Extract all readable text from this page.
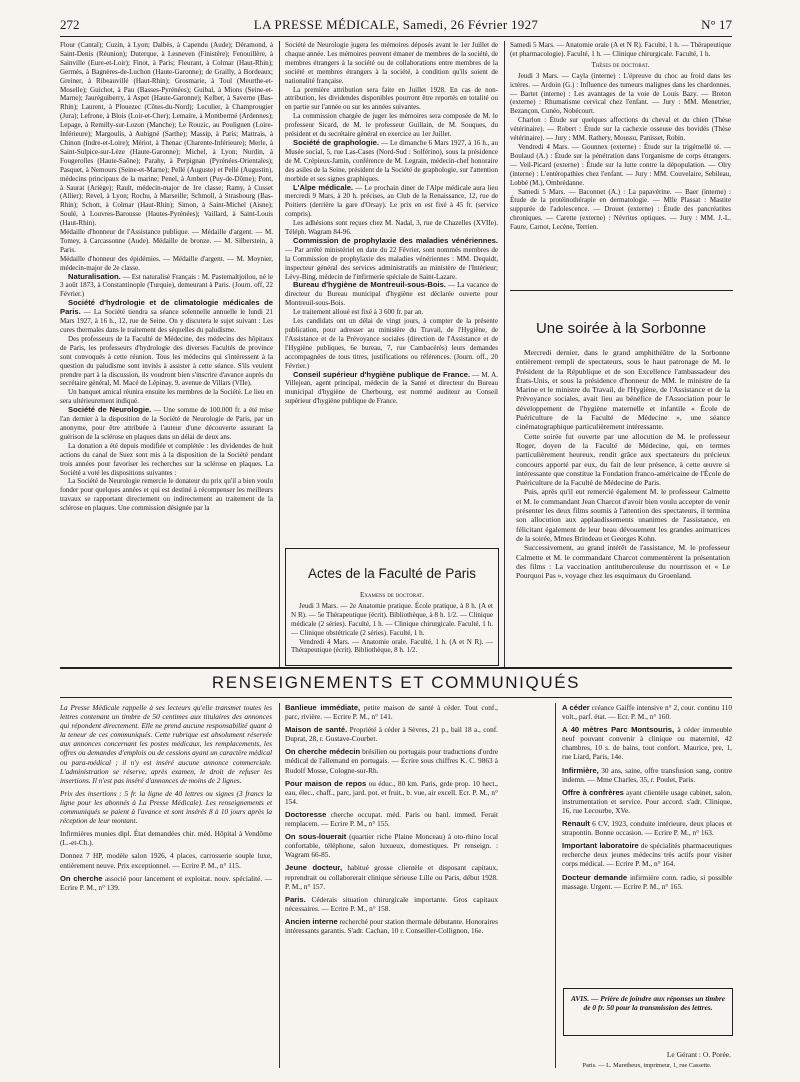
272	LA PRESSE MÉDICALE, Samedi, 26 Février 1927	N° 17

Flour (Cantal); Cuzin, à Lyon; Dalbès, à Capendu (Aude); Déramond, à Saint-Denis (Réunion); Duterque, à Lesneven (Finistère); Fenouillère, à Sainville (Eure-et-Loir); Finot, à Paris; Fleurant, à Colmar (Haut-Rhin); Germès, à Bagnères-de-Luchon (Haute-Garonne); de Grailly, à Bordeaux; Greiner, à Ribeauvillé (Haut-Rhin); Grosmarie, à Toul (Meurthe-et-Moselle); Guichot, à Pau (Basses-Pyrénées); Guibal, à Mions (Seine-et-Marne); Jauréguiberry, à Aspet (Haute-Garonne); Kelber, à Saverne (Bas-Rhin); Laurent, à Plouezec (Côtes-du-Nord); Leculier, à Champrougier (Jura); Lefrone, à Blois (Loir-et-Cher); Lemaire, à Montbermé (Ardennes); Lepage, à Remilly-sur-Lozon (Manche); Le Rouzic, au Pouliguen (Loire-Inférieure); Margoulis, à Aubigné (Sarthe); Massip, à Paris; Mattrais, à Chinon (Indre-et-Loire); Mériot, à Thenac (Charente-Inférieure); Merle, à Saint-Sulpice-sur-Lèze (Haute-Garonne); Michel, à Lyon; Nurdin, à Fougerolles (Haute-Saône); Parahy, à Perpignan (Pyrénées-Orientales); Pasquet, à Nemours (Seine-et-Marne); Pellé (Auguste) et Pellé (Augustin), médecins principaux de la marine; Penel, à Ambert (Puy-de-Dôme); Pont, à Saurat (Ariège); Rault, médecin-major de 1re classe; Ramy, à Cusset (Allier); Revel, à Lyon; Rochu, à Marseille; Schmoll, à Strasbourg (Bas-Rhin); Schott, à Colmar (Haut-Rhin); Simon, à Saint-Michel (Aisne); Soulé, à Louvres-Barousse (Hautes-Pyrénées); Vaillard, à Saint-Louis (Haut-Rhin).

Médaille d'honneur de l'Assistance publique. — Médaille d'argent. — M. Tomey, à Carcassonne (Aude). Médaille de bronze. — M. Silberstein, à Paris.

Médaille d'honneur des épidémies. — Médaille d'argent. — M. Moynier, médecin-major de 2e classe.

Naturalisation. — Est naturalisé Français : M. Pastemaltjoilou, né le 3 août 1873, à Constantinople (Turquie), demeurant à Paris. (Journ. off, 22 Février.)

Société d'hydrologie et de climatologie médicales de Paris. — La Société tiendra sa séance solennelle annuelle le lundi 21 Mars 1927, à 16 h., 12, rue de Seine. On y discutera le sujet suivant : Les cures thermales dans le traitement des séquelles du paludisme.

Des professeurs de la Faculté de Médecine, des médecins des hôpitaux de Paris, les professeurs d'hydrologie des diverses Facultés de province sont convoqués à cette réunion. Tous les médecins qui s'intéressent à la question du paludisme sont invités à assister à cette séance. S'ils veulent prendre part à la discussion, ils voudront bien s'inscrire d'avance auprès du secrétaire général, M. Macé de Lépinay, 9, avenue de Villars (VIIe).

Un banquet amical réunira ensuite les membres de la Société. Le lieu en sera ultérieurement indiqué.

Société de Neurologie. — Une somme de 100.000 fr. a été mise l'an dernier à la disposition de la Société de Neurologie de Paris, par un anonyme, pour être attribuée à l'auteur d'une découverte assurant la guérison de la sclérose en plaques dans un délai de deux ans.

La donation a été depuis modifiée et complétée : les dividendes de huit actions du canal de Suez sont mis à la disposition de la Société pendant trois années pour favoriser les recherches sur la sclérose en plaques. La Société a voté les dispositions suivantes :

La Société de Neurologie remercie le donateur du prix qu'il a bien voulu fonder pour quelques années et qui est destiné à récompenser les meilleurs travaux se rapportant directement ou indirectement au traitement de la sclérose en plaques. Une commission désignée par la

Société de Neurologie jugera les mémoires déposés avant le 1er Juillet de chaque année. Les mémoires peuvent émaner de membres de la société, de membres étrangers à la société ou de collaborations entre membres de la société et membres étrangers à la société, à condition qu'ils soient de nationalité française.

La première attribution sera faite en Juillet 1928. En cas de non-attribution, les dividendes disponibles pourront être reportés en totalité ou en partie sur l'année ou sur les années suivantes.

La commission chargée de juger les mémoires sera composée de M. le professeur Sicard, de M. le professeur Guillain, de M. Souques, du président et du secrétaire général en exercice au 1er Juillet.

Société de graphologie. — Le dimanche 6 Mars 1927, à 16 h., au Musée social, 5, rue Las-Cases (Nord-Sud : Solférino), sous la présidence de M. Crépieux-Jamin, conférence de M. Legrain, médecin-chef honoraire des asiles de la Seine, président de la Société de graphologie, sur l'attention morbide et ses signes graphiques.

L'Alpe médicale. — Le prochain diner de l'Alpe médicale aura lieu mercredi 9 Mars, à 20 h. précises, au Club de la Renaissance, 12, rue de Poitiers (derrière la gare d'Orsay). Le prix en est fixé à 45 fr. (service compris).

Les adhésions sont reçues chez M. Nadal, 3, rue de Chazelles (XVIIe). Téléph. Wagram 84-96.

Commission de prophylaxie des maladies vénériennes. — Par arrêté ministériel en date du 22 Février, sont nommés membres de la Commission de prophylaxie des maladies vénériennes : MM. Dequidt, inspecteur général des services administratifs au ministère de l'Intérieur; Lévy-Bing, médecin de l'infirmerie spéciale de Saint-Lazare.

Bureau d'hygiène de Montreuil-sous-Bois. — La vacance de directeur du Bureau municipal d'hygiène est déclarée ouverte pour Montreuil-sous-Bois.

Le traitement alloué est fixé à 3 600 fr. par an.

Les candidats ont un délai de vingt jours, à compter de la présente publication, pour adresser au ministère du Travail, de l'Hygiène, de l'Assistance et de la Prévoyance sociales (direction de l'Assistance et de l'Hygiène publiques, 6e bureau, 7, rue Cambacérès) leurs demandes accompagnées de tous titres, justifications ou références. (Journ. off., 20 Février.)

Conseil supérieur d'hygiène publique de France. — M. A. Villejean, agent principal, médecin de la Santé et directeur du Bureau municipal d'hygiène de Cherbourg, est nommé auditeur au Conseil supérieur d'hygiène publique de France.

Actes de la Faculté de Paris

Examens de doctorat.

Jeudi 3 Mars. — 2e Anatomie pratique. École pratique, à 8 h. (A et N R). — 5e Thérapeutique (écrit). Bibliothèque, à 8 h. 1/2. — Clinique médicale (2 séries). Faculté, 1 h. — Clinique chirurgicale. Faculté, 1 h. — Clinique obstétricale (2 séries). Faculté, 1 h.

Vendredi 4 Mars. — Anatomie orale. Faculté, 1 h. (A et N R). — Thérapeutique (écrit). Bibliothèque, 8 h. 1/2.

Samedi 5 Mars. — Anatomie orale (A et N R). Faculté, 1 h. — Thérapeutique (et pharmacologie). Faculté, 1 h. — Clinique chirurgicale. Faculté, 1 h.

Thèses de doctorat.

Jeudi 3 Mars. — Cayla (interne) : L'épreuve du choc au froid dans les ictères. — Ardoin (G.) : Influence des tumeurs malignes dans les chardonnes. — Bartet (interne) : Les avantages de la voie de Louis Bazy. — Breton (externe) : Rhumatisme cervical chez l'enfant. — Jury : MM. Menetrier, Bezançon, Cunéo, Nobécourt.

Charlon : Étude sur quelques affections du cheval et du chien (Thèse vétérinaire). — Robert : Étude sur la cachexie osseuse des bovidés (Thèse vétérinaire). — Jury : MM. Rathery, Moussu, Panisset, Robin.

Vendredi 4 Mars. — Gounnex (externe) : Étude sur la trigémellé té. — Boulaud (A.) : Étude sur la pénétration dans l'organisme de corps étrangers. — Veil-Picard (externe) : Étude sur la lutte contre la dépopulation. — Olry (interne) : L'entéropathies chez l'enfant. — Jury : MM. Couvelaire, Sebileau, Lobbé (M.), Ombrédanne.

Samedi 5 Mars. — Baconnet (A.) : La papavérine. — Baer (interne) : Étude de la protéinothérapie en dermatologie. — Mlle Plassat : Mastite suppurée de l'adolescence. — Drouet (externe) : Étude des pancréatites chroniques. — Carette (externe) : Névrites optiques. — Jury : MM. J.-L. Faure, Carnot, Lecène, Terrien.

Une soirée à la Sorbonne

Mercredi dernier, dans le grand amphithéâtre de la Sorbonne entièrement rempli de spectateurs, sous le haut patronage de M. le Président de la République et de son Excellence l'ambassadeur des États-Unis, et sous la présidence d'honneur de MM. le ministre de la Marine et le ministre du Travail, de l'Hygiène, de l'Assistance et de la Prévoyance sociales, avait lieu au bénéfice de l'Association pour le développement de l'hygiène maternelle et infantile « École de Puériculture de la Faculté de Médecine », une séance cinématographique particulièrement intéressante.

Cette soirée fut ouverte par une allocution de M. le professeur Roger, doyen de la Faculté de Médecine, qui, en termes particulièrement heureux, rendit grâce aux spectateurs du précieux concours apporté par eux, du fait de leur présence, à cette œuvre si intéressante que constitue la Fondation franco-américaine de l'École de Puériculture de la Faculté de Médecine de Paris.

Puis, après qu'il eut remercié également M. le professeur Calmette et M. le commandant Jean Charcot d'avoir bien voulu accepter de venir présenter les deux films soumis à l'attention des spectateurs, il termina son allocution aux applaudissements unanimes de l'assistance, en félicitant également de leur beau dévouement les grandes animatrices de la soirée, Mmes Brindeau et Georges Kohn.

Successivement, au grand intérêt de l'assistance, M. le professeur Calmette et M. le commandant Charcot commentèrent la présentation des films : La vaccination antituberculeuse du nourrisson et « Le Pourquoi Pas », voyage chez les esquimaux du Groenland.

RENSEIGNEMENTS ET COMMUNIQUÉS

La Presse Médicale rappelle à ses lecteurs qu'elle transmet toutes les lettres contenant un timbre de 50 centimes aux titulaires des annonces qui répondent directement. Elle ne prend aucune responsabilité quant à la teneur de ces communiqués. Cette rubrique est absolument réservée aux annonces concernant les postes médicaux, les remplacements, les offres ou demandes d'emplois ou de cessions ayant un caractère médical ou para-médical ; il n'y est inséré aucune annonce commerciale. L'administration se réserve, après examen, le droit de refuser les insertions. Il n'est pas inséré d'annonces de moins de 2 lignes.

Prix des insertions : 5 fr. la ligne de 40 lettres ou signes (3 francs la ligne pour les abonnés à La Presse Médicale). Les renseignements et communiqués se paient à l'avance et sont insérés 8 à 10 jours après la réception de leur montant.

Infirmières munies dipl. État demandées chir. méd. Hôpital à Vendôme (L.-et-Ch.).

Donnez 7 HP, modèle salon 1926, 4 places, carrosserie souple luxe, entièrement neuve. Prix exceptionnel. — Ecrire P. M., n° 115.

On cherche associé pour lancement et exploitat. nouv. spécialité. — Ecrire P. M., n° 139.

Banlieue immédiate, petite maison de santé à céder. Tout conf., parc, rivière. — Ecrire P. M., n° 141.

Maison de santé. Propriété à céder à Sèvres, 21 p., bail 18 a., conf. Duprat, 28, r. Gustave-Courbet.

On cherche médecin brésilien ou portugais pour traductions d'ordre médical de l'allemand en portugais. — Écrire sous chiffres K. C. 9863 à Rudolf Mosse, Cologne-sur-Rh.

Pour maison de repos ou éduc., 80 km. Paris, grde prop. 10 hect., eau, élec., chaff., parc, jard. pot. et fruit., b. vue, air excell. Ecr. P. M., n° 154.

Doctoresse cherche occupat. méd. Paris ou banl. immed. Ferait remplacem. — Ecrire P. M., n° 155.

On sous-louerait (quartier riche Plaine Monceau) à oto-rhino local confortable, téléphone, salon luxueux, domestiques. Pr renseign. : Wagram 66-85.

Jeune docteur, habitué grosse clientèle et disposant capitaux, reprendrait ou collaborerait clinique sérieuse Lille ou Paris, début 1928. P. M., n° 157.

Paris. Céderais situation chirurgicale importante. Gros capitaux nécessaires. — Ecrire P. M., n° 158.

Ancien interne recherché pour station thermale débutante. Honoraires intéressants garantis. S'adr. Cachan, 10 r. Conseiller-Collignon, 16e.

A céder créance Gaiffe intensive n° 2, cour. continu 110 volt., parf. état. — Ecr. P. M., n° 160.

A 40 mètres Parc Montsouris, à céder immeuble neuf pouvant convenir à clinique ou maternité, 42 chambres, 10 s. de bains, tout confort. Maurice, pre, 1, rue Liard, Paris, 14e.

Infirmière, 30 ans, saine, offre transfusion sang, contre indemn. — Mme Charles, 35, r. Poulet, Paris.

Offre à confrères ayant clientèle usage cabinet, salon, instrumentation et service. Pour accord. s'adr. Clinique, 16, rue Lecourbe, XVe.

Renault 6 CV, 1923, conduite intérieure, deux places et strapontin. Bonne occasion. — Ecrire P. M., n° 163.

Important laboratoire de spécialités pharmaceutiques recherche deux jeunes médecins très actifs pour visiter corps médical. — Ecrire P. M., n° 164.

Docteur demande infirmière conn. radio, si possible massage. Urgent. — Ecrire P. M., n° 165.

AVIS. — Prière de joindre aux réponses un timbre de 0 fr. 50 pour la transmission des lettres.
Le Gérant : O. Porée.
Paris. — L. Maretheux, imprimeur, 1, rue Cassette.
